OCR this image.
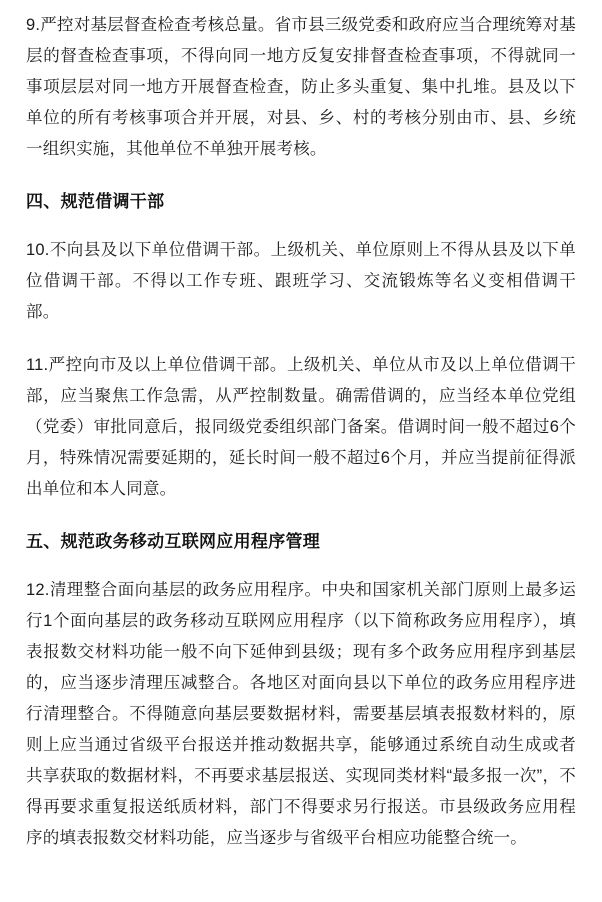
9.严控对基层督查检查考核总量。省市县三级党委和政府应当合理统筹对基层的督查检查事项，不得向同一地方反复安排督查检查事项，不得就同一事项层层对同一地方开展督查检查，防止多头重复、集中扎堆。县及以下单位的所有考核事项合并开展，对县、乡、村的考核分别由市、县、乡统一组织实施，其他单位不单独开展考核。

四、规范借调干部

10.不向县及以下单位借调干部。上级机关、单位原则上不得从县及以下单位借调干部。不得以工作专班、跟班学习、交流锻炼等名义变相借调干部。

11.严控向市及以上单位借调干部。上级机关、单位从市及以上单位借调干部，应当聚焦工作急需，从严控制数量。确需借调的，应当经本单位党组（党委）审批同意后，报同级党委组织部门备案。借调时间一般不超过6个月，特殊情况需要延期的，延长时间一般不超过6个月，并应当提前征得派出单位和本人同意。

五、规范政务移动互联网应用程序管理

12.清理整合面向基层的政务应用程序。中央和国家机关部门原则上最多运行1个面向基层的政务移动互联网应用程序（以下简称政务应用程序），填表报数交材料功能一般不向下延伸到县级；现有多个政务应用程序到基层的，应当逐步清理压减整合。各地区对面向县以下单位的政务应用程序进行清理整合。不得随意向基层要数据材料，需要基层填表报数材料的，原则上应当通过省级平台报送并推动数据共享，能够通过系统自动生成或者共享获取的数据材料，不再要求基层报送、实现同类材料“最多报一次”，不得再要求重复报送纸质材料，部门不得要求另行报送。市县级政务应用程序的填表报数交材料功能，应当逐步与省级平台相应功能整合统一。
